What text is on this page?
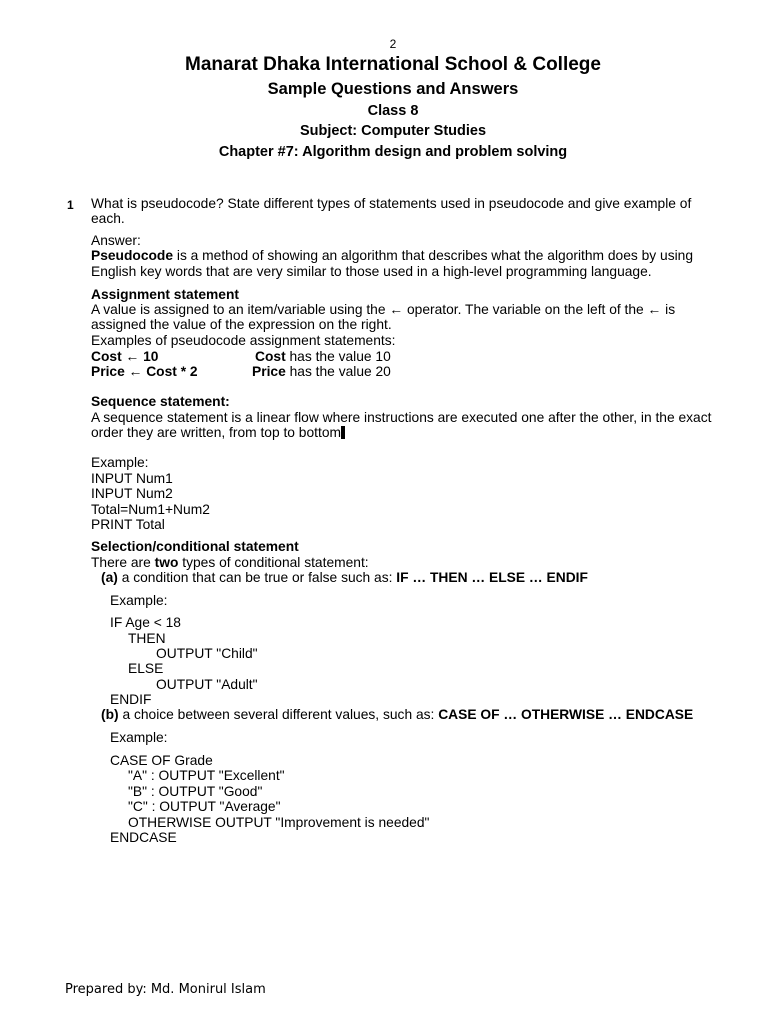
2
Manarat Dhaka International School & College
Sample Questions and Answers
Class 8
Subject: Computer Studies
Chapter #7: Algorithm design and problem solving
1 What is pseudocode? State different types of statements used in pseudocode and give example of
each.
Answer:
Pseudocode is a method of showing an algorithm that describes what the algorithm does by using
English key words that are very similar to those used in a high-level programming language.
Assignment statement
A value is assigned to an item/variable using the ← operator. The variable on the left of the ← is
assigned the value of the expression on the right.
Examples of pseudocode assignment statements:
Cost ← 10	Cost has the value 10
Price ← Cost * 2	Price has the value 20
Sequence statement:
A sequence statement is a linear flow where instructions are executed one after the other, in the exact
order they are written, from top to bottom
Example:
INPUT Num1
INPUT Num2
Total=Num1+Num2
PRINT Total
Selection/conditional statement
There are two types of conditional statement:
(a) a condition that can be true or false such as: IF … THEN … ELSE … ENDIF
Example:
IF Age < 18
THEN
OUTPUT "Child"
ELSE
OUTPUT "Adult"
ENDIF
(b) a choice between several different values, such as: CASE OF … OTHERWISE … ENDCASE
Example:
CASE OF Grade
"A" : OUTPUT "Excellent"
"B" : OUTPUT "Good"
"C" : OUTPUT "Average"
OTHERWISE OUTPUT "Improvement is needed"
ENDCASE
Prepared by: Md. Monirul Islam
